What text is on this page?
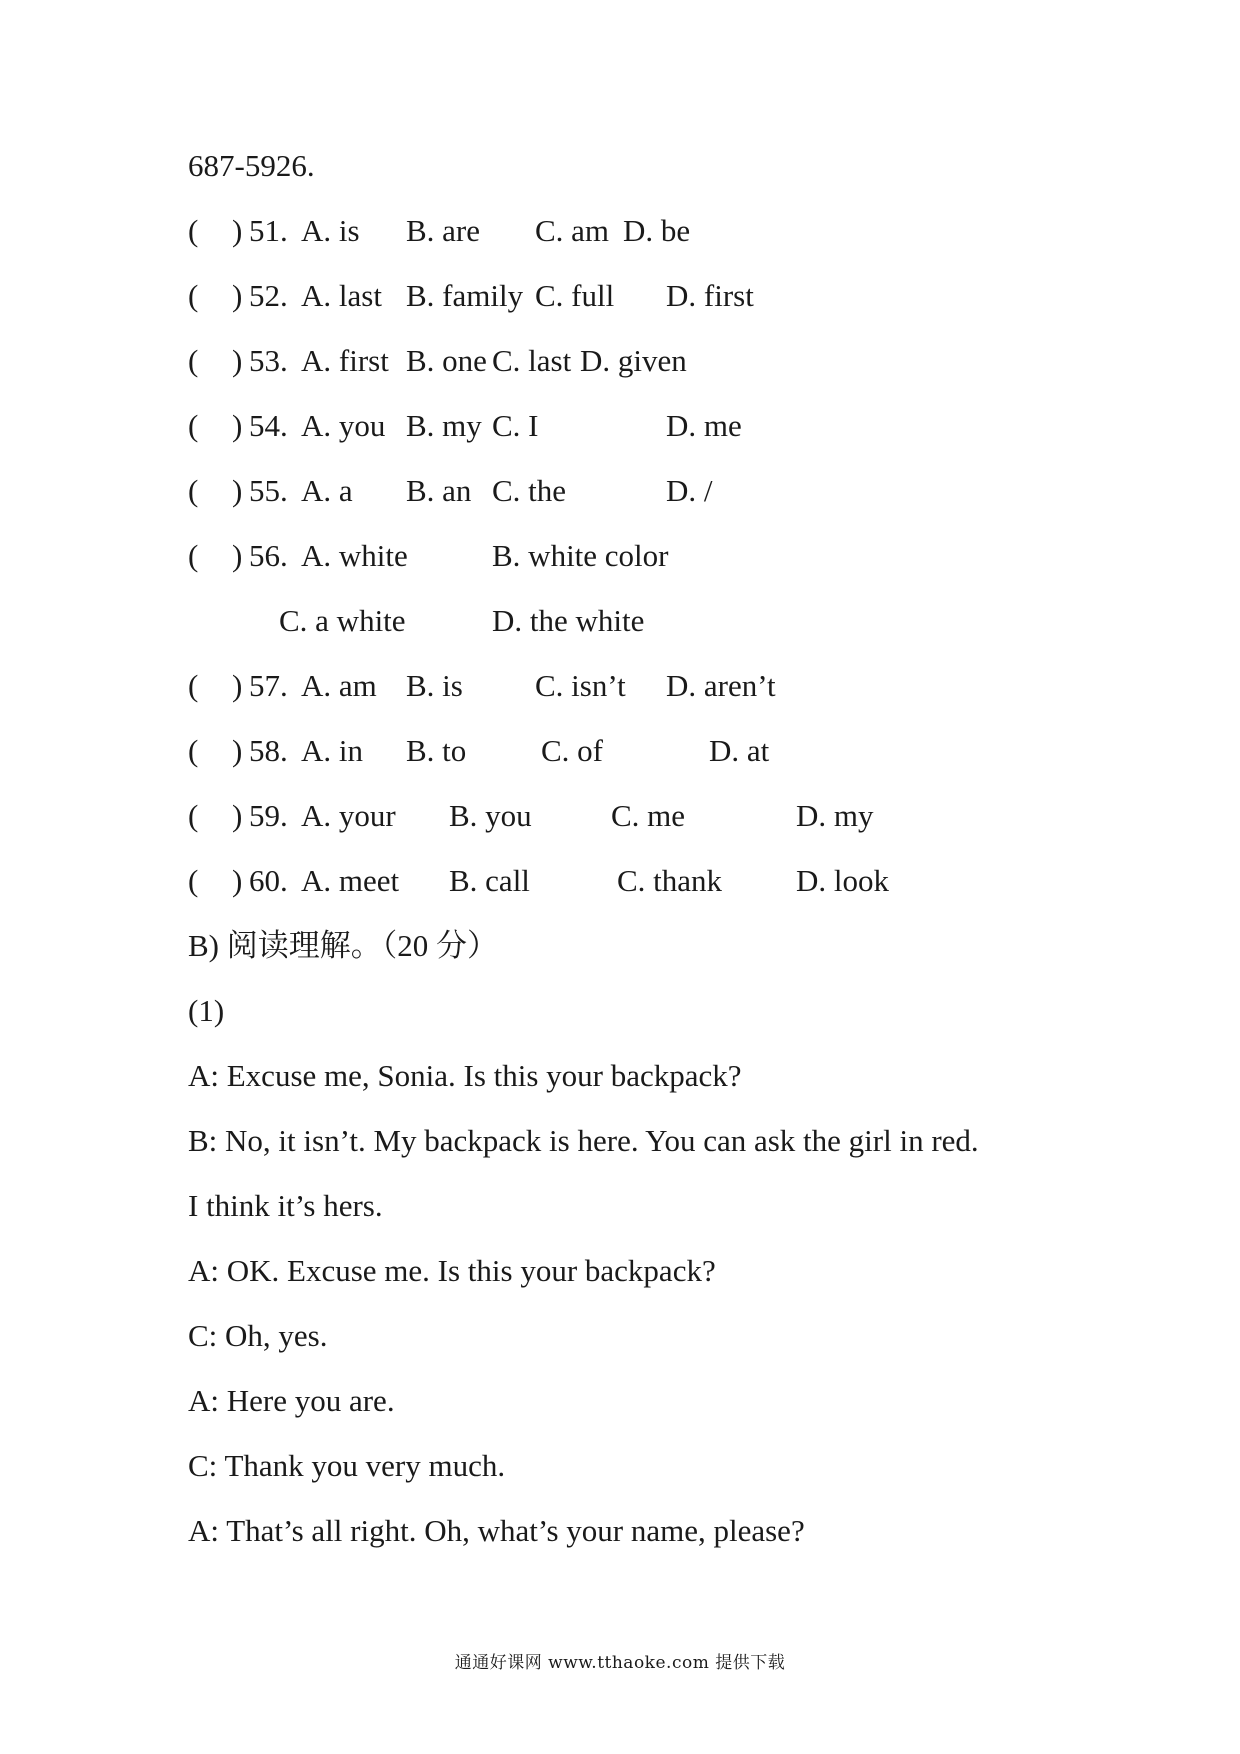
687-5926.
( ) 51. A. is B. are C. am D. be
( ) 52. A. last B. family C. full D. first
( ) 53. A. first B. one C. last D. given
( ) 54. A. you B. my C. I	D. me
( ) 55. A. a B. an C. the	D. /
( ) 56. A. white	B. white color
C. a white	D. the white
( ) 57. A. am B. is C. isn’t D. aren’t
( ) 58. A. in B. to C. of	D. at
( ) 59. A. your B. you	C. me	D. my
( ) 60. A. meet B. call	C. thank D. look
B) 阅读理解。（20 分）
(1)
A: Excuse me, Sonia. Is this your backpack?
B: No, it isn’t. My backpack is here. You can ask the girl in red.
I think it’s hers.
A: OK. Excuse me. Is this your backpack?
C: Oh, yes.
A: Here you are.
C: Thank you very much.
A: That’s all right. Oh, what’s your name, please?
通通好课网 www.tthaoke.com 提供下载
